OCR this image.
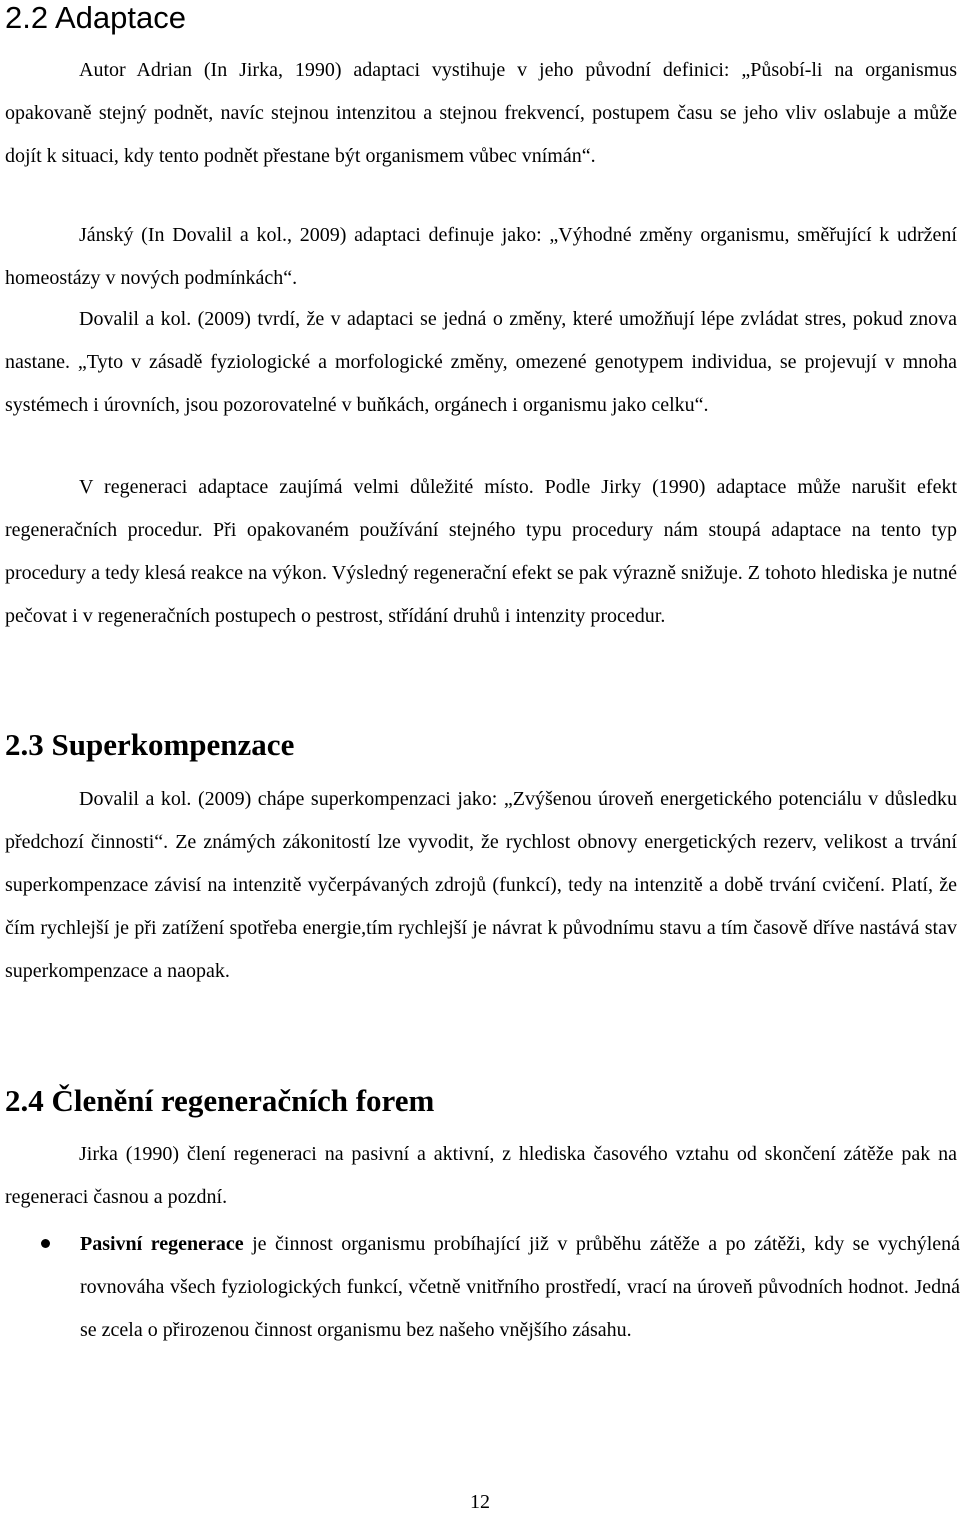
2.2 Adaptace

Autor Adrian (In Jirka, 1990) adaptaci vystihuje v jeho původní definici: „Působí-li na organismus opakovaně stejný podnět, navíc stejnou intenzitou a stejnou frekvencí, postupem času se jeho vliv oslabuje a může dojít k situaci, kdy tento podnět přestane být organismem vůbec vnímán“.

Jánský (In Dovalil a kol., 2009) adaptaci definuje jako: „Výhodné změny organismu, směřující k udržení homeostázy v nových podmínkách“.

Dovalil a kol. (2009) tvrdí, že v adaptaci se jedná o změny, které umožňují lépe zvládat stres, pokud znova nastane. „Tyto v zásadě fyziologické a morfologické změny, omezené genotypem individua, se projevují v mnoha systémech i úrovních, jsou pozorovatelné v buňkách, orgánech i organismu jako celku“.

V regeneraci adaptace zaujímá velmi důležité místo. Podle Jirky (1990) adaptace může narušit efekt regeneračních procedur. Při opakovaném používání stejného typu procedury nám stoupá adaptace na tento typ procedury a tedy klesá reakce na výkon. Výsledný regenerační efekt se pak výrazně snižuje. Z tohoto hlediska je nutné pečovat i v regeneračních postupech o pestrost, střídání druhů i intenzity procedur.

2.3 Superkompenzace

Dovalil a kol. (2009) chápe superkompenzaci jako: „Zvýšenou úroveň energetického potenciálu v důsledku předchozí činnosti“. Ze známých zákonitostí lze vyvodit, že rychlost obnovy energetických rezerv, velikost a trvání superkompenzace závisí na intenzitě vyčerpávaných zdrojů (funkcí), tedy na intenzitě a době trvání cvičení. Platí, že čím rychlejší je při zatížení spotřeba energie,tím rychlejší je návrat k původnímu stavu a tím časově dříve nastává stav superkompenzace a naopak.

2.4 Členění regeneračních forem

Jirka (1990) člení regeneraci na pasivní a aktivní, z hlediska časového vztahu od skončení zátěže pak na regeneraci časnou a pozdní.

Pasivní regenerace je činnost organismu probíhající již v průběhu zátěže a po zátěži, kdy se vychýlená rovnováha všech fyziologických funkcí, včetně vnitřního prostředí, vrací na úroveň původních hodnot. Jedná se zcela o přirozenou činnost organismu bez našeho vnějšího zásahu.
12
